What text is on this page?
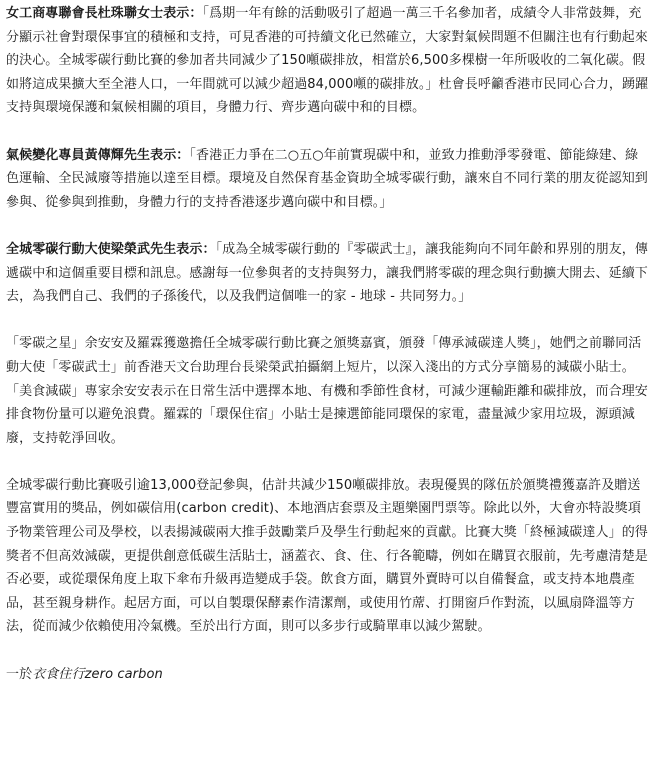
女工商專聯會長杜珠聯女士表示：「爲期一年有餘的活動吸引了超過一萬三千名參加者，成績令人非常鼓舞，充分顯示社會對環保事宜的積極和支持，可見香港的可持續文化已然確立，大家對氣候問題不但關注也有行動起來的決心。全城零碳行動比賽的參加者共同減少了150噸碳排放，相當於6,500多棵樹一年所吸收的二氧化碳。假如將這成果擴大至全港人口，一年間就可以減少超過84,000噸的碳排放。」杜會長呼籲香港市民同心合力，踴躍支持與環境保護和氣候相關的項目，身體力行、齊步邁向碳中和的目標。

氣候變化專員黃傳輝先生表示：「香港正力爭在二○五○年前實現碳中和，並致力推動淨零發電、節能綠建、綠色運輸、全民減廢等措施以達至目標。環境及自然保育基金資助全城零碳行動，讓來自不同行業的朋友從認知到參與、從參與到推動，身體力行的支持香港逐步邁向碳中和目標。」

全城零碳行動大使梁榮武先生表示：「成為全城零碳行動的『零碳武士』，讓我能夠向不同年齡和界別的朋友，傳遞碳中和這個重要目標和訊息。感謝每一位參與者的支持與努力，讓我們將零碳的理念與行動擴大開去、延續下去，為我們自己、我們的子孫後代，以及我們這個唯一的家 - 地球 - 共同努力。」

「零碳之星」余安安及羅霖獲邀擔任全城零碳行動比賽之頒獎嘉賓，頒發「傳承減碳達人獎」，她們之前聯同活動大使「零碳武士」前香港天文台助理台長梁榮武拍攝網上短片，以深入淺出的方式分享簡易的減碳小貼士。「美食減碳」專家余安安表示在日常生活中選擇本地、有機和季節性食材，可減少運輸距離和碳排放，而合理安排食物份量可以避免浪費。羅霖的「環保住宿」小貼士是揀選節能同環保的家電，盡量減少家用垃圾，源頭減廢，支持乾淨回收。

全城零碳行動比賽吸引逾13,000登記參與，估計共減少150噸碳排放。表現優異的隊伍於頒獎禮獲嘉許及贈送豐富實用的獎品，例如碳信用(carbon credit)、本地酒店套票及主題樂園門票等。除此以外，大會亦特設獎項予物業管理公司及學校，以表揚減碳兩大推手鼓勵業戶及學生行動起來的貢獻。比賽大獎「終極減碳達人」的得獎者不但高效減碳，更提供創意低碳生活貼士，涵蓋衣、食、住、行各範疇，例如在購買衣服前，先考慮清楚是否必要，或從環保角度上取下傘布升級再造變成手袋。飲食方面，購買外賣時可以自備餐盒，或支持本地農產品，甚至親身耕作。起居方面，可以自製環保酵素作清潔劑，或使用竹蓆、打開窗戶作對流，以風扇降溫等方法，從而減少依賴使用冷氣機。至於出行方面，則可以多步行或騎單車以減少駕駛。

一於衣食住行zero carbon
